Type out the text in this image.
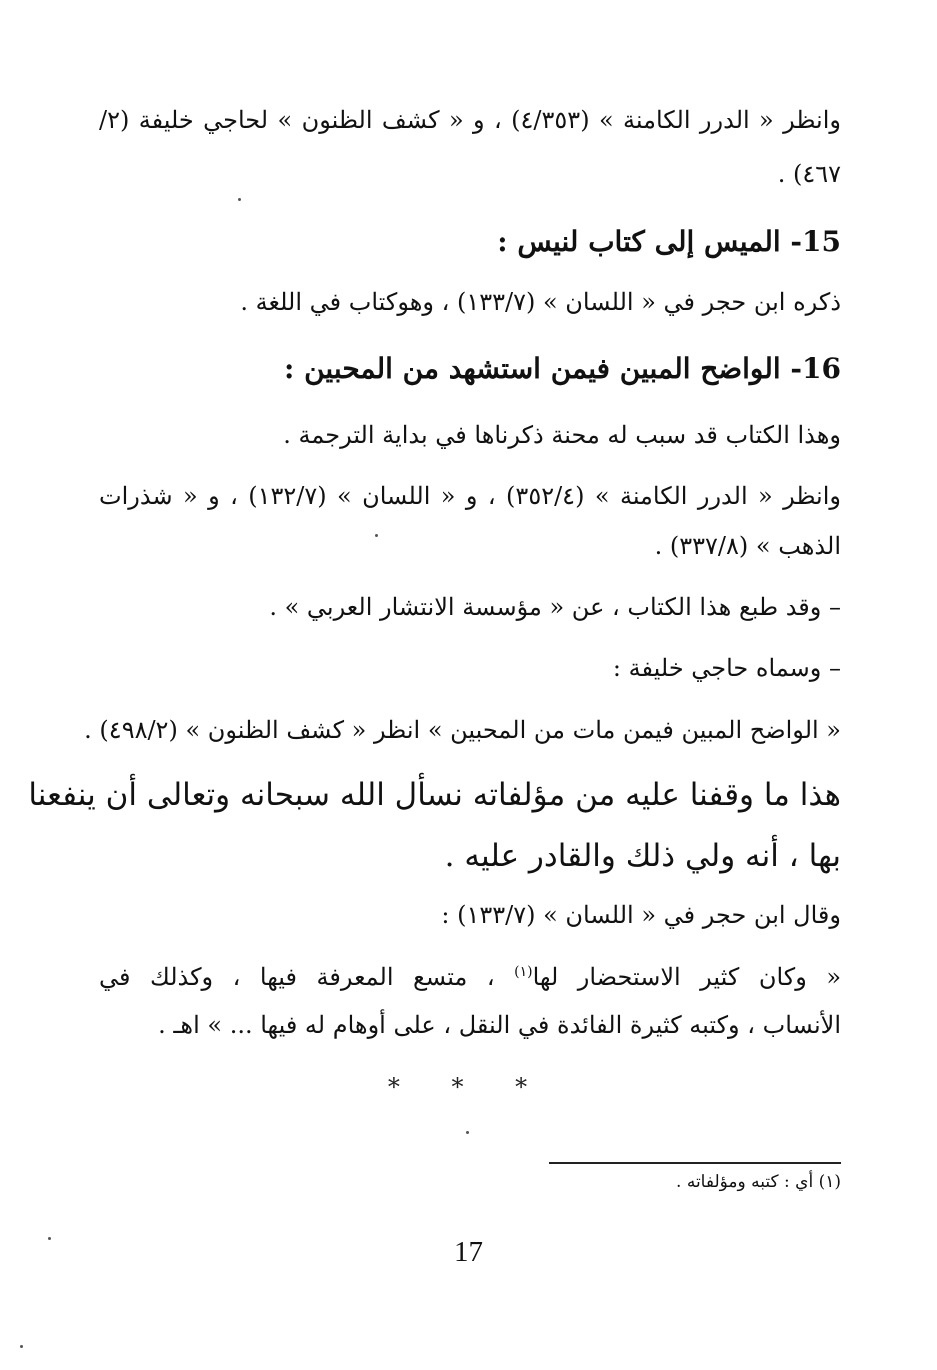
وانظر « الدرر الكامنة » (٤/٣٥٣) ، و « كشف الظنون » لحاجي خليفة (٢/
٤٦٧) .
15- الميس إلى كتاب لنيس :
ذكره ابن حجر في « اللسان » (١٣٣/٧) ، وهوكتاب في اللغة .
16- الواضح المبين فيمن استشهد من المحبين :
وهذا الكتاب قد سبب له محنة ذكرناها في بداية الترجمة .
وانظر « الدرر الكامنة » (٣٥٢/٤) ، و « اللسان » (١٣٢/٧) ، و « شذرات
الذهب » (٣٣٧/٨) .
– وقد طبع هذا الكتاب ، عن « مؤسسة الانتشار العربي » .
– وسماه حاجي خليفة :
« الواضح المبين فيمن مات من المحبين » انظر « كشف الظنون » (٤٩٨/٢) .
هذا ما وقفنا عليه من مؤلفاته نسأل الله سبحانه وتعالى أن ينفعنا
بها ، أنه ولي ذلك والقادر عليه .
وقال ابن حجر في « اللسان » (١٣٣/٧) :
« وكان كثير الاستحضار لها$^{(١)}$ ، متسع المعرفة فيها ، وكذلك في
الأنساب ، وكتبه كثيرة الفائدة في النقل ، على أوهام له فيها ... » اهـ .
* * *
(١) أي : كتبه ومؤلفاته .
17
